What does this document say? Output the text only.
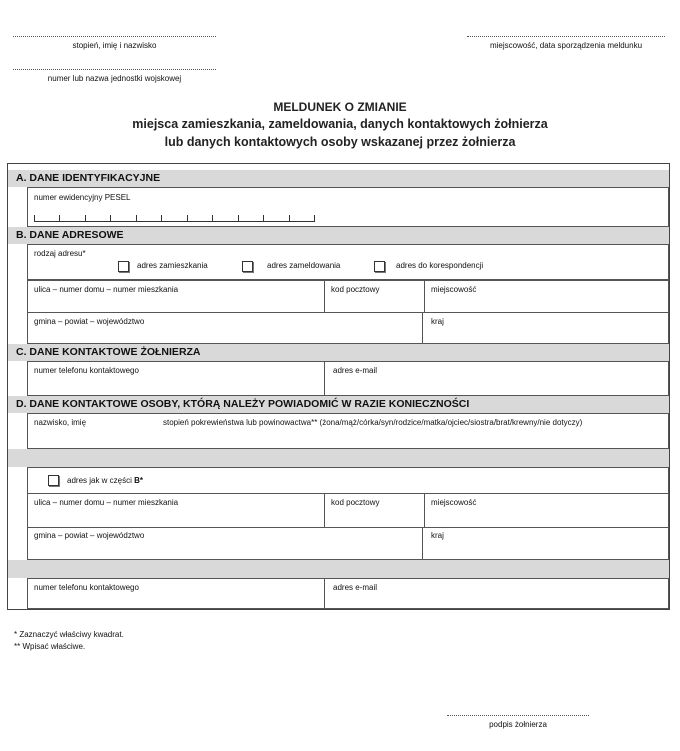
stopień, imię i nazwisko	miejscowość, data sporządzenia meldunku
numer lub nazwa jednostki wojskowej
MELDUNEK O ZMIANIE
miejsca zamieszkania, zameldowania, danych kontaktowych żołnierza
lub danych kontaktowych osoby wskazanej przez żołnierza
A. DANE IDENTYFIKACYJNE
numer ewidencyjny PESEL
B. DANE ADRESOWE
rodzaj adresu*
adres zamieszkania	adres zameldowania	adres do korespondencji
ulica – numer domu – numer mieszkania	kod pocztowy	miejscowość
gmina – powiat – województwo	kraj
C. DANE KONTAKTOWE ŻOŁNIERZA
numer telefonu kontaktowego	adres e-mail
D. DANE KONTAKTOWE OSOBY, KTÓRĄ NALEŻY POWIADOMIĆ W RAZIE KONIECZNOŚCI
nazwisko, imię	stopień pokrewieństwa lub powinowactwa** (żona/mąż/córka/syn/rodzice/matka/ojciec/siostra/brat/krewny/nie dotyczy)
adres jak w części B*
ulica – numer domu – numer mieszkania	kod pocztowy	miejscowość
gmina – powiat – województwo	kraj
numer telefonu kontaktowego	adres e-mail
* Zaznaczyć właściwy kwadrat.
** Wpisać właściwe.
podpis żołnierza
